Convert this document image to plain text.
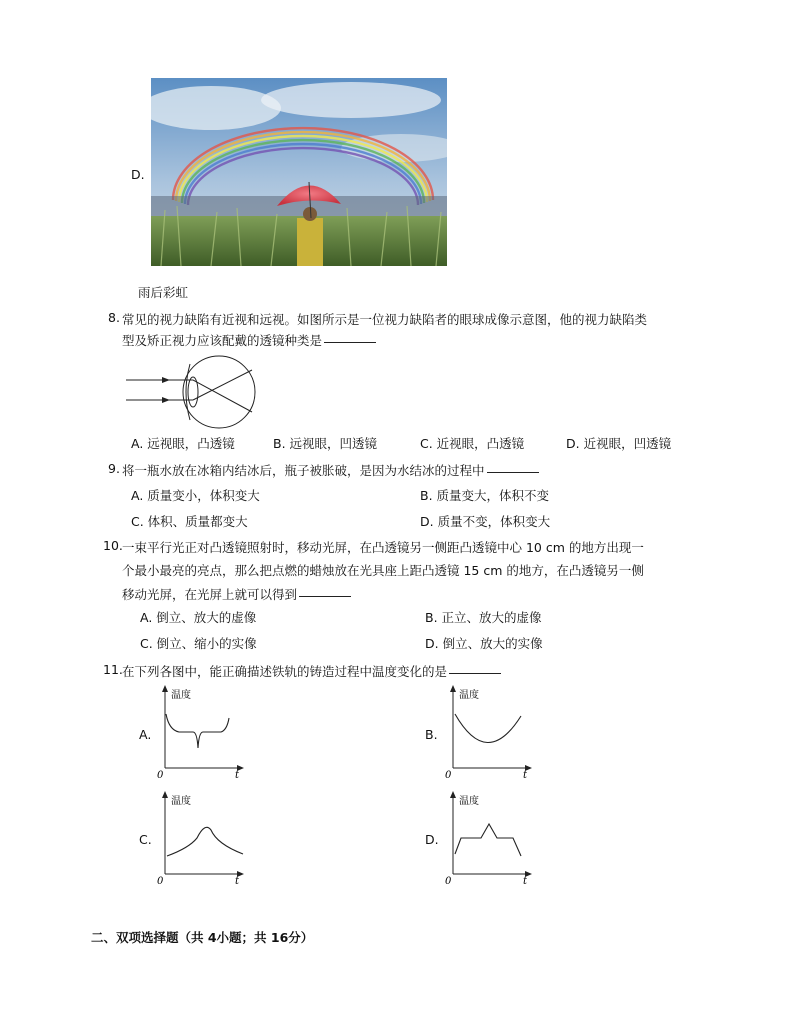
D.
雨后彩虹
8. 常见的视力缺陷有近视和远视。如图所示是一位视力缺陷者的眼球成像示意图，他的视力缺陷类
型及矫正视力应该配戴的透镜种类是
A. 远视眼，凸透镜	B. 远视眼，凹透镜	C. 近视眼，凸透镜	D. 近视眼，凹透镜
9. 将一瓶水放在冰箱内结冰后，瓶子被胀破，是因为水结冰的过程中
A. 质量变小，体积变大	B. 质量变大，体积不变
C. 体积、质量都变大	D. 质量不变，体积变大
10. 一束平行光正对凸透镜照射时，移动光屏，在凸透镜另一侧距凸透镜中心 10 cm 的地方出现一
个最小最亮的亮点，那么把点燃的蜡烛放在光具座上距凸透镜 15 cm 的地方，在凸透镜另一侧
移动光屏，在光屏上就可以得到
A. 倒立、放大的虚像	B. 正立、放大的虚像
C. 倒立、缩小的实像	D. 倒立、放大的实像
11. 在下列各图中，能正确描述铁轨的铸造过程中温度变化的是
A.
温度
0	t
B.
温度
0	t
C.
温度
0	t
D.
温度
0	t
二、双项选择题（共 4小题；共 16分）
